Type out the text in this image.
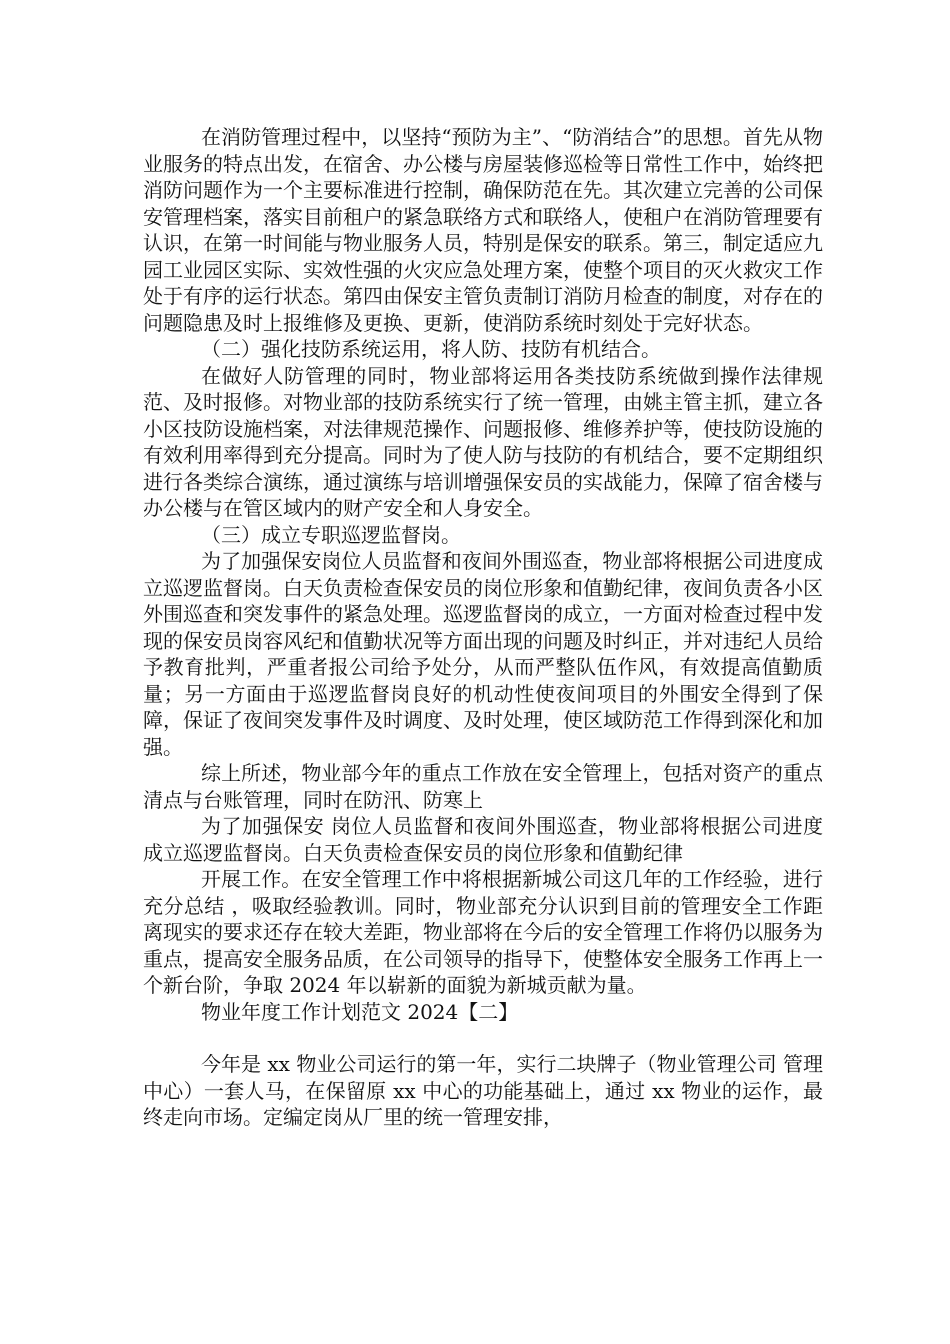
在消防管理过程中，以坚持“预防为主”、“防消结合”的思想。首先从物业服务的特点出发，在宿舍、办公楼与房屋装修巡检等日常性工作中，始终把消防问题作为一个主要标准进行控制，确保防范在先。其次建立完善的公司保安管理档案，落实目前租户的紧急联络方式和联络人，使租户在消防管理要有认识，在第一时间能与物业服务人员，特别是保安的联系。第三，制定适应九园工业园区实际、实效性强的火灾应急处理方案，使整个项目的灭火救灾工作处于有序的运行状态。第四由保安主管负责制订消防月检查的制度，对存在的问题隐患及时上报维修及更换、更新，使消防系统时刻处于完好状态。

（二）强化技防系统运用，将人防、技防有机结合。

在做好人防管理的同时，物业部将运用各类技防系统做到操作法律规范、及时报修。对物业部的技防系统实行了统一管理，由姚主管主抓，建立各小区技防设施档案，对法律规范操作、问题报修、维修养护等，使技防设施的有效利用率得到充分提高。同时为了使人防与技防的有机结合，要不定期组织进行各类综合演练，通过演练与培训增强保安员的实战能力，保障了宿舍楼与办公楼与在管区域内的财产安全和人身安全。

（三）成立专职巡逻监督岗。

为了加强保安岗位人员监督和夜间外围巡查，物业部将根据公司进度成立巡逻监督岗。白天负责检查保安员的岗位形象和值勤纪律，夜间负责各小区外围巡查和突发事件的紧急处理。巡逻监督岗的成立，一方面对检查过程中发现的保安员岗容风纪和值勤状况等方面出现的问题及时纠正，并对违纪人员给予教育批判，严重者报公司给予处分，从而严整队伍作风，有效提高值勤质量；另一方面由于巡逻监督岗良好的机动性使夜间项目的外围安全得到了保障，保证了夜间突发事件及时调度、及时处理，使区域防范工作得到深化和加强。

综上所述，物业部今年的重点工作放在安全管理上，包括对资产的重点清点与台账管理，同时在防汛、防寒上

为了加强保安 岗位人员监督和夜间外围巡查，物业部将根据公司进度成立巡逻监督岗。白天负责检查保安员的岗位形象和值勤纪律

开展工作。在安全管理工作中将根据新城公司这几年的工作经验，进行充分总结 ，吸取经验教训。同时，物业部充分认识到目前的管理安全工作距离现实的要求还存在较大差距，物业部将在今后的安全管理工作将仍以服务为重点，提高安全服务品质，在公司领导的指导下，使整体安全服务工作再上一个新台阶，争取 2024 年以崭新的面貌为新城贡献为量。

物业年度工作计划范文 2024【二】

今年是 xx 物业公司运行的第一年，实行二块牌子（物业管理公司 管理中心）一套人马，在保留原 xx 中心的功能基础上，通过 xx 物业的运作，最终走向市场。定编定岗从厂里的统一管理安排，
